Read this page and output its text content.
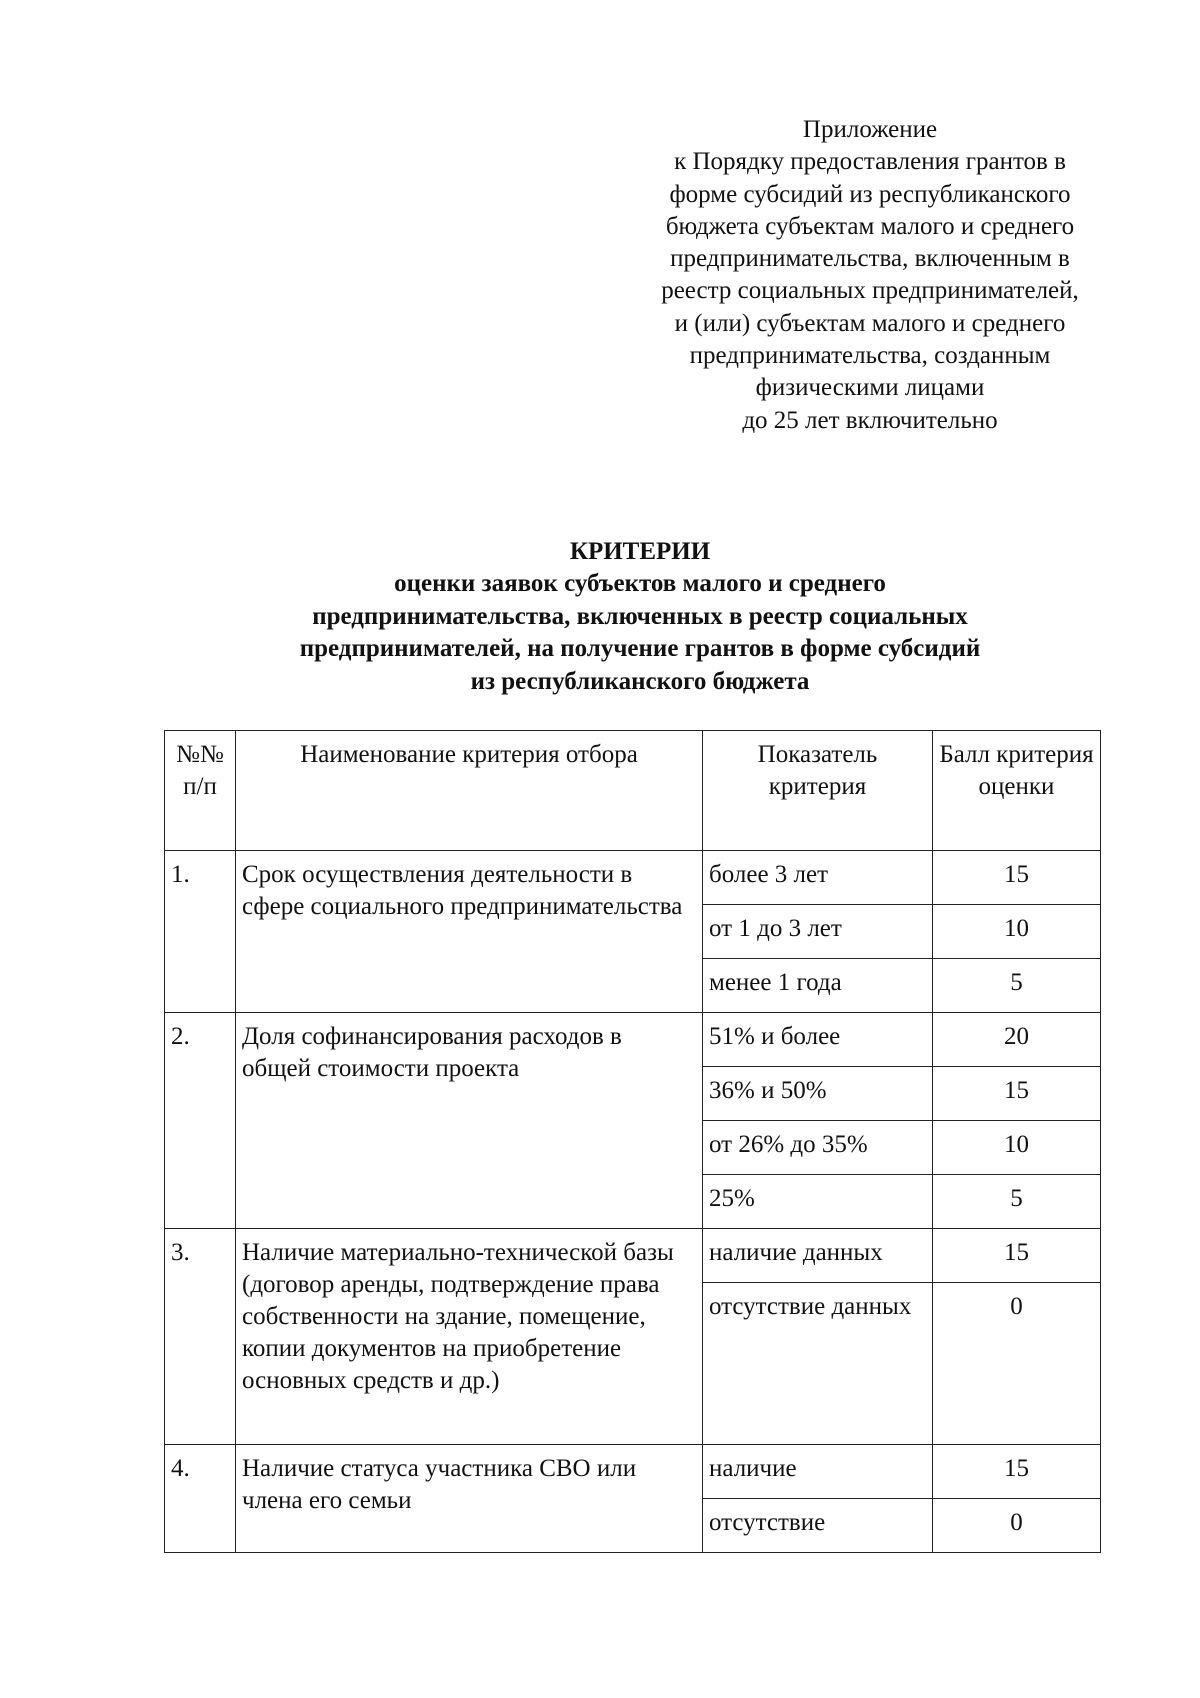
Приложение
к Порядку предоставления грантов в
форме субсидий из республиканского
бюджета субъектам малого и среднего
предпринимательства, включенным в
реестр социальных предпринимателей,
и (или) субъектам малого и среднего
предпринимательства, созданным
физическими лицами
до 25 лет включительно
КРИТЕРИИ
оценки заявок субъектов малого и среднего
предпринимательства, включенных в реестр социальных
предпринимателей, на получение грантов в форме субсидий
из республиканского бюджета
№№ п/п	Наименование критерия отбора	Показатель критерия	Балл критерия оценки
1.	Срок осуществления деятельности в сфере социального предпринимательства	более 3 лет	15
		от 1 до 3 лет	10
		менее 1 года	5
2.	Доля софинансирования расходов в общей стоимости проекта	51% и более	20
		36% и 50%	15
		от 26% до 35%	10
		25%	5
3.	Наличие материально-технической базы (договор аренды, подтверждение права собственности на здание, помещение, копии документов на приобретение основных средств и др.)	наличие данных	15
		отсутствие данных	0
4.	Наличие статуса участника СВО или члена его семьи	наличие	15
		отсутствие	0
